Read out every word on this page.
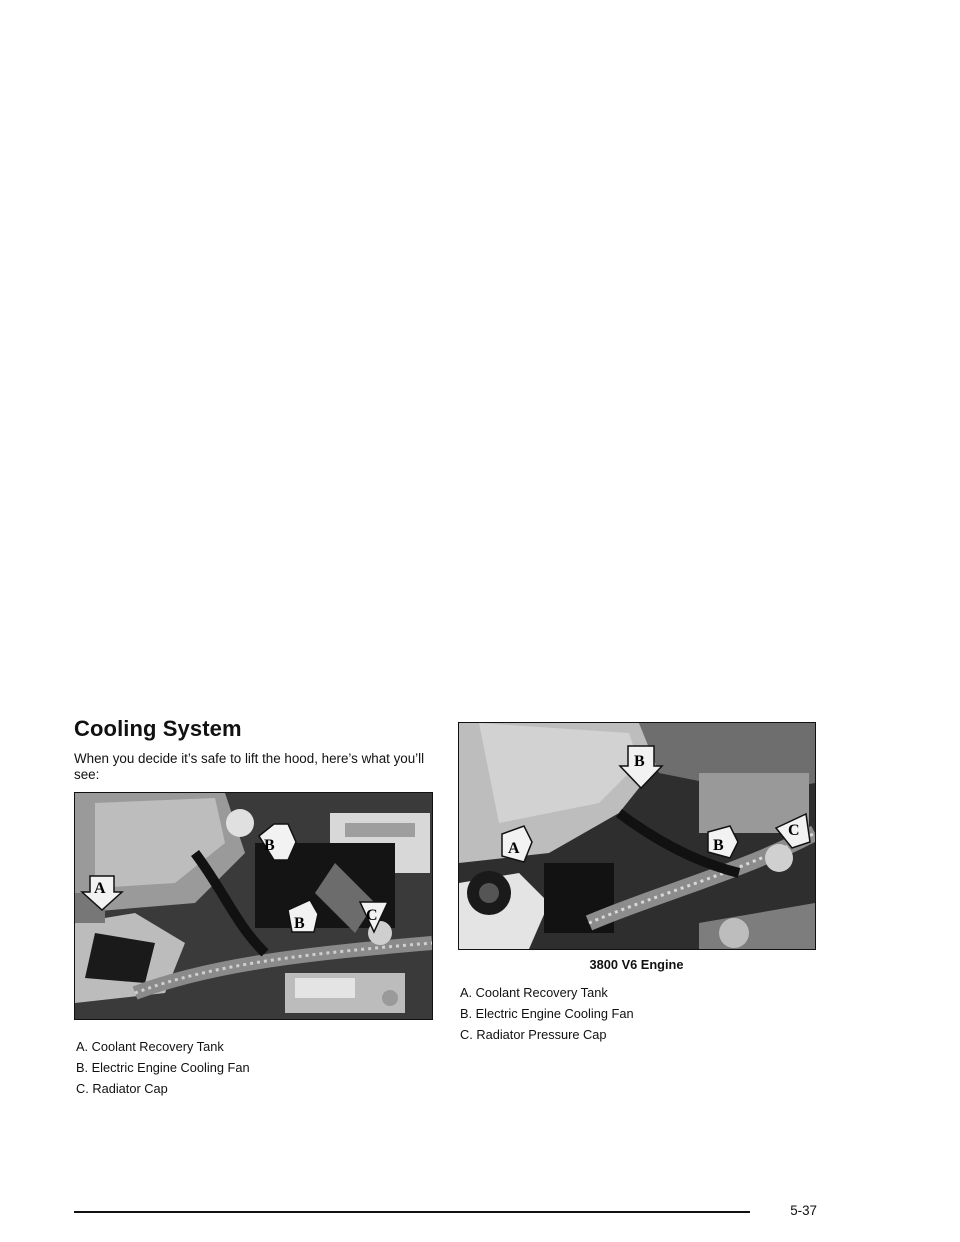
Cooling System

When you decide it’s safe to lift the hood, here’s what you’ll see:

A
B
B	C
A. Coolant Recovery Tank
B. Electric Engine Cooling Fan
C. Radiator Cap
A
B
B
C
3800 V6 Engine
A. Coolant Recovery Tank
B. Electric Engine Cooling Fan
C. Radiator Pressure Cap
5-37
